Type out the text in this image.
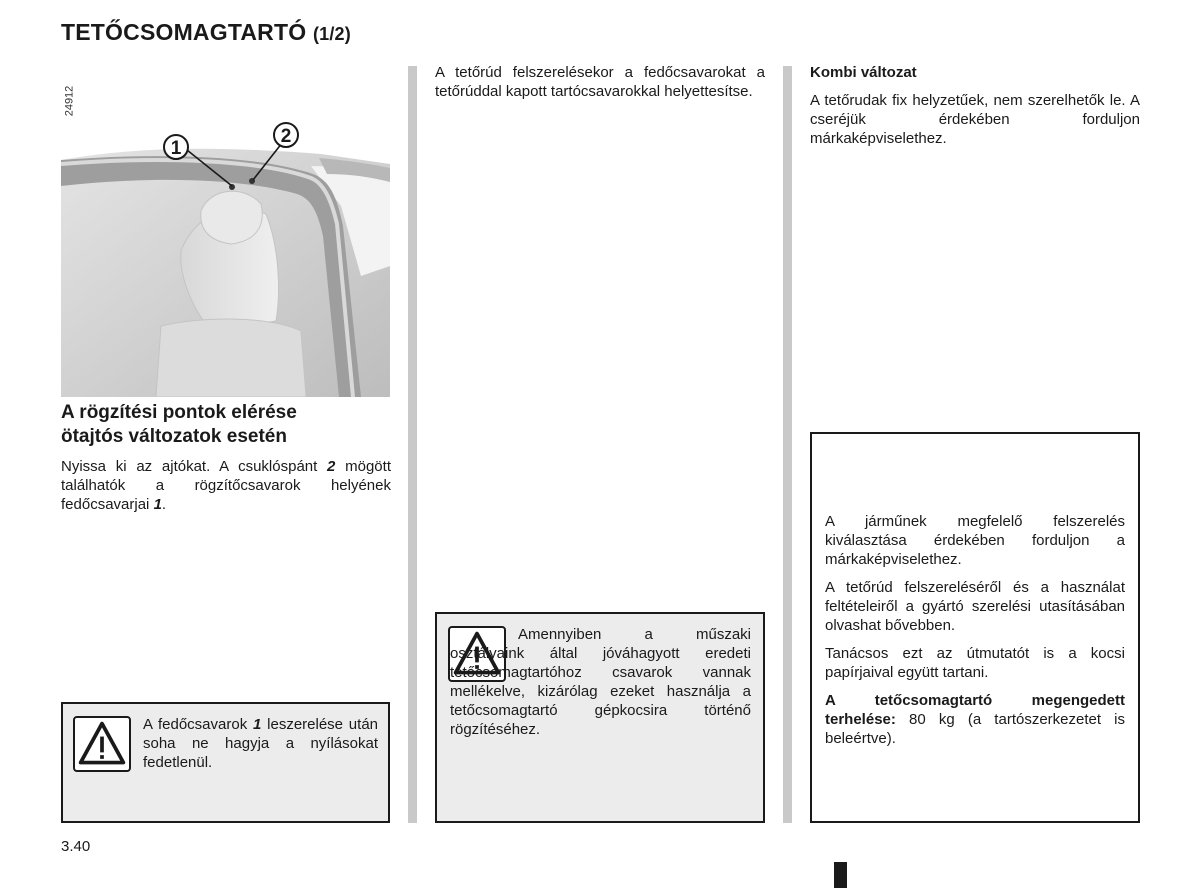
TETŐCSOMAGTARTÓ (1/2)
24912
1
2
A rögzítési pontok elérése
ötajtós változatok esetén
Nyissa ki az ajtókat. A csuklóspánt 2 mögött találhatók a rögzítőcsavarok helyének fedőcsavarjai 1.
A fedőcsavarok 1 leszerelése után soha ne hagyja a nyílásokat fedetlenül.
A tetőrúd felszerelésekor a fedőcsavarokat a tetőrúddal kapott tartócsavarokkal helyettesítse.
Amennyiben a műszaki osztályaink által jóváhagyott eredeti tetőcsomagtartóhoz csavarok vannak mellékelve, kizárólag ezeket használja a tetőcsomagtartó gépkocsira történő rögzítéséhez.

Kombi változat

A tetőrudak fix helyzetűek, nem szerelhetők le. A cseréjük érdekében forduljon márkaképviselethez.

A járműnek megfelelő felszerelés kiválasztása érdekében forduljon a márkaképviselethez.

A tetőrúd felszereléséről és a használat feltételeiről a gyártó szerelési utasításában olvashat bővebben.

Tanácsos ezt az útmutatót is a kocsi papírjaival együtt tartani.

A tetőcsomagtartó megengedett terhelése: 80 kg (a tartószerkezetet is beleértve).

3.40
